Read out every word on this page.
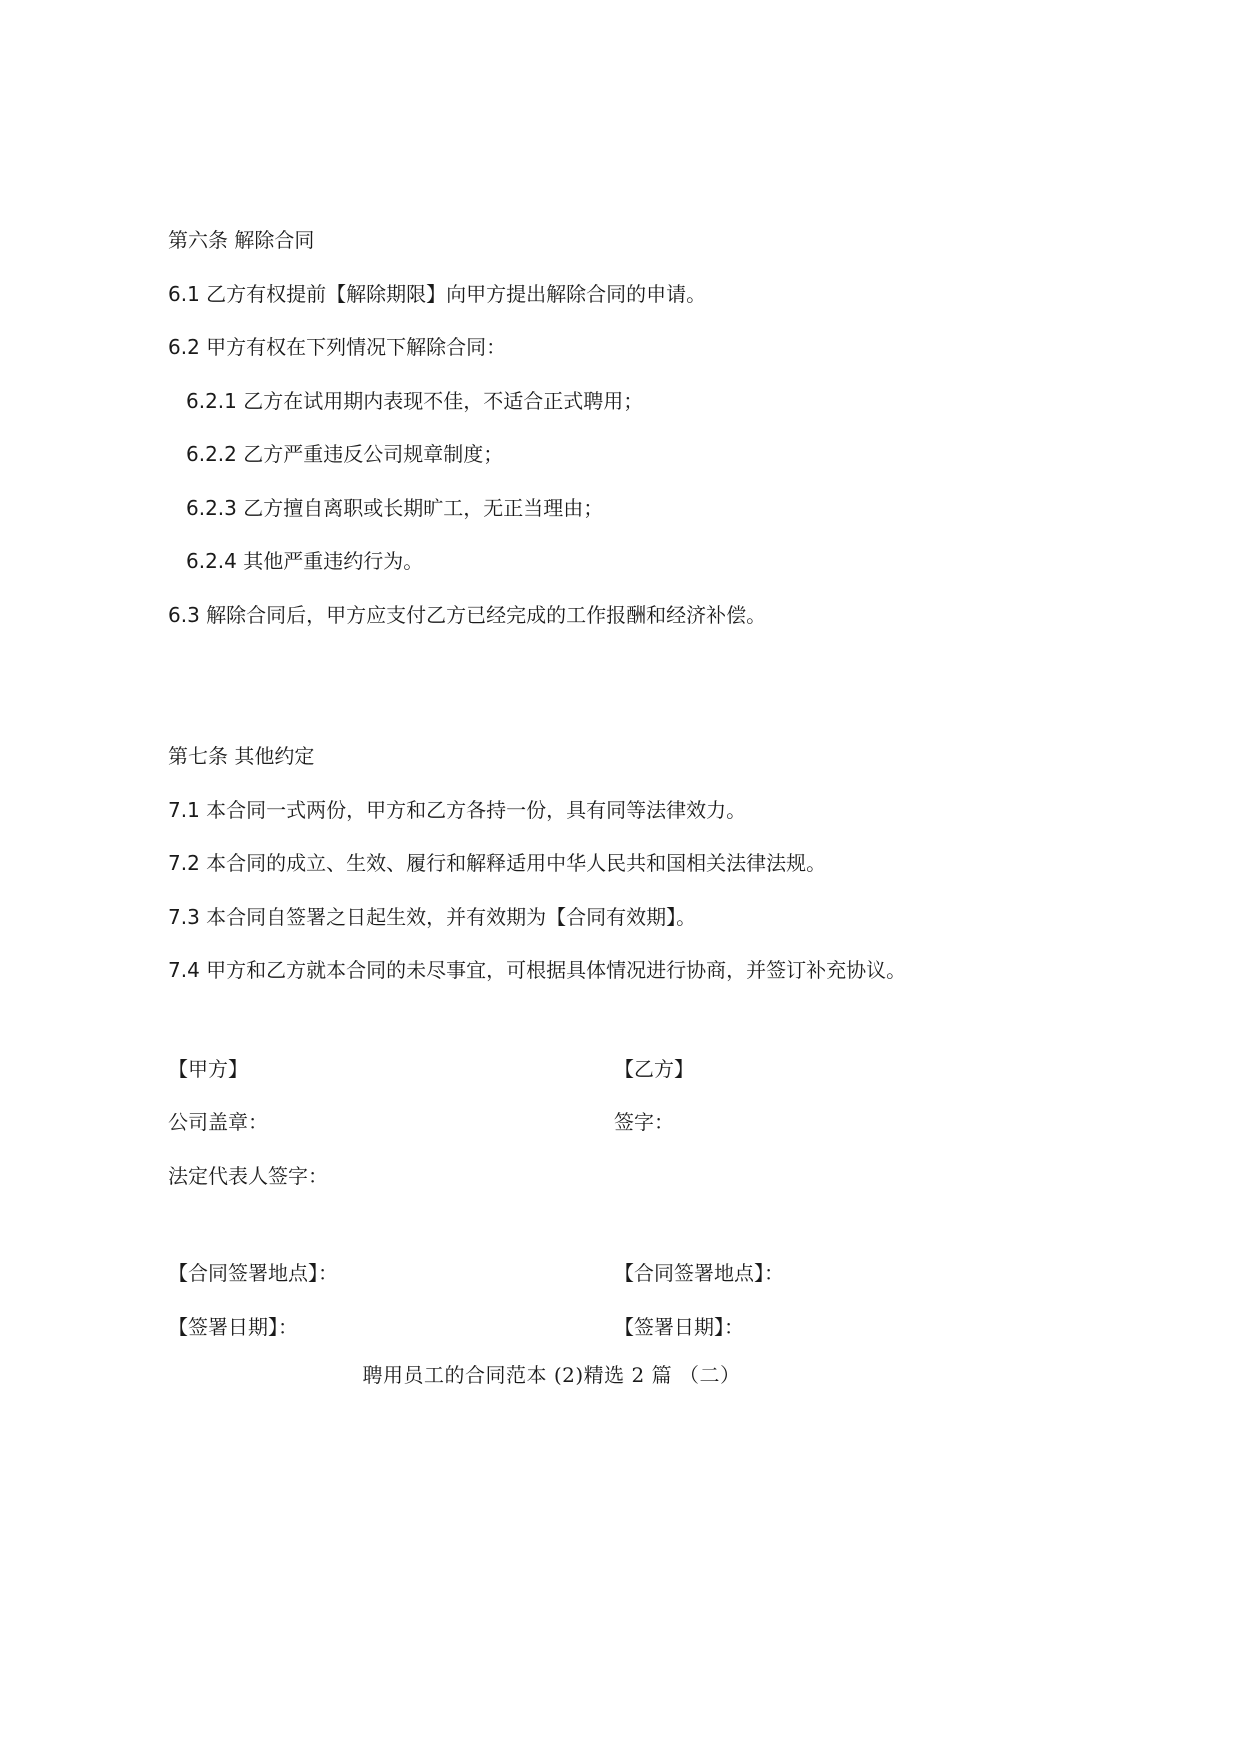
第六条 解除合同
6.1 乙方有权提前【解除期限】向甲方提出解除合同的申请。
6.2 甲方有权在下列情况下解除合同：
6.2.1 乙方在试用期内表现不佳，不适合正式聘用；
6.2.2 乙方严重违反公司规章制度；
6.2.3 乙方擅自离职或长期旷工，无正当理由；
6.2.4 其他严重违约行为。
6.3 解除合同后，甲方应支付乙方已经完成的工作报酬和经济补偿。
第七条 其他约定
7.1 本合同一式两份，甲方和乙方各持一份，具有同等法律效力。
7.2 本合同的成立、生效、履行和解释适用中华人民共和国相关法律法规。
7.3 本合同自签署之日起生效，并有效期为【合同有效期】。
7.4 甲方和乙方就本合同的未尽事宜，可根据具体情况进行协商，并签订补充协议。
【甲方】
公司盖章：
法定代表人签字：
【合同签署地点】：
【签署日期】：
【乙方】
签字：
【合同签署地点】：
【签署日期】：
聘用员工的合同范本 (2)精选 2 篇 （二）
